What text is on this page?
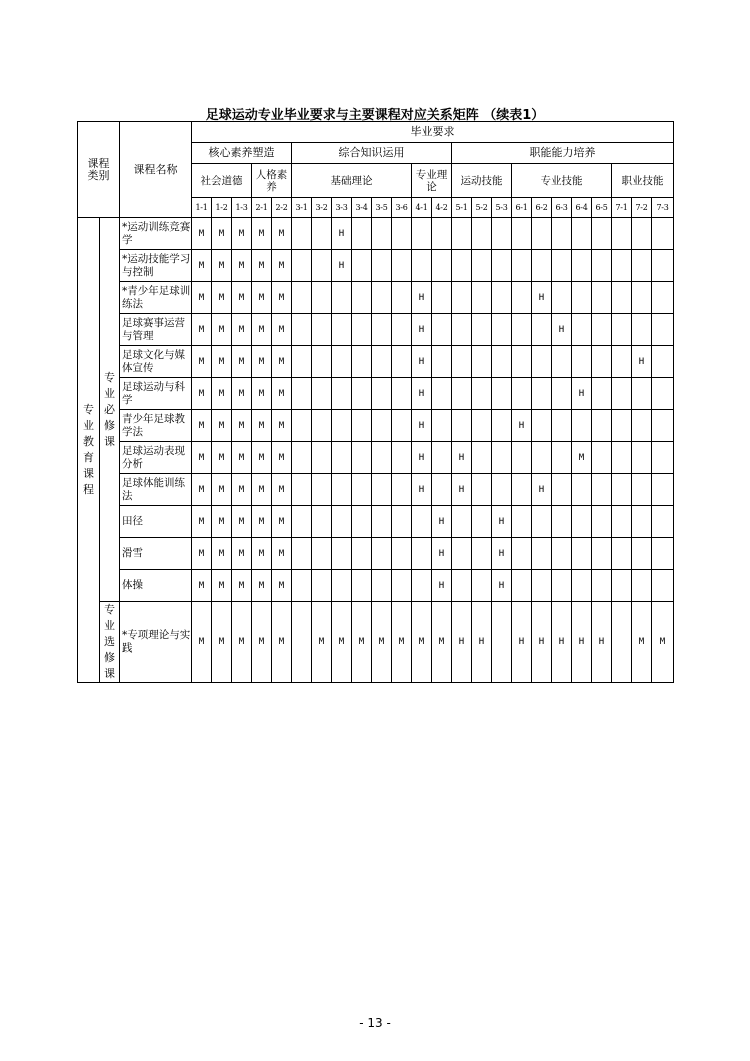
足球运动专业毕业要求与主要课程对应关系矩阵 （续表1）
课程类别		课程名称	毕业要求																							
			核心素养塑造					综合知识运用								职能能力培养										
			社会道德			人格素养		基础理论						专业理论		运动技能			专业技能					职业技能		
			1-1	1-2	1-3	2-1	2-2	3-1	3-2	3-3	3-4	3-5	3-6	4-1	4-2	5-1	5-2	5-3	6-1	6-2	6-3	6-4	6-5	7-1	7-2	7-3
专业教育课程	专业必修课	*运动训练竞赛学	M	M	M	M	M			H																
		*运动技能学习与控制	M	M	M	M	M			H																
		*青少年足球训练法	M	M	M	M	M							H						H						
		足球赛事运营与管理	M	M	M	M	M							H							H					
		足球文化与媒体宣传	M	M	M	M	M							H											H	
		足球运动与科学	M	M	M	M	M							H								H				
		青少年足球教学法	M	M	M	M	M							H					H							
		足球运动表现分析	M	M	M	M	M							H		H						M				
		足球体能训练法	M	M	M	M	M							H		H				H						
		田径	M	M	M	M	M								H			H								
		滑雪	M	M	M	M	M								H			H								
		体操	M	M	M	M	M								H			H								
	专业选修课	*专项理论与实践	M	M	M	M	M		M	M	M	M	M	M	M	H	H		H	H	H	H	H		M	M
- 13 -
